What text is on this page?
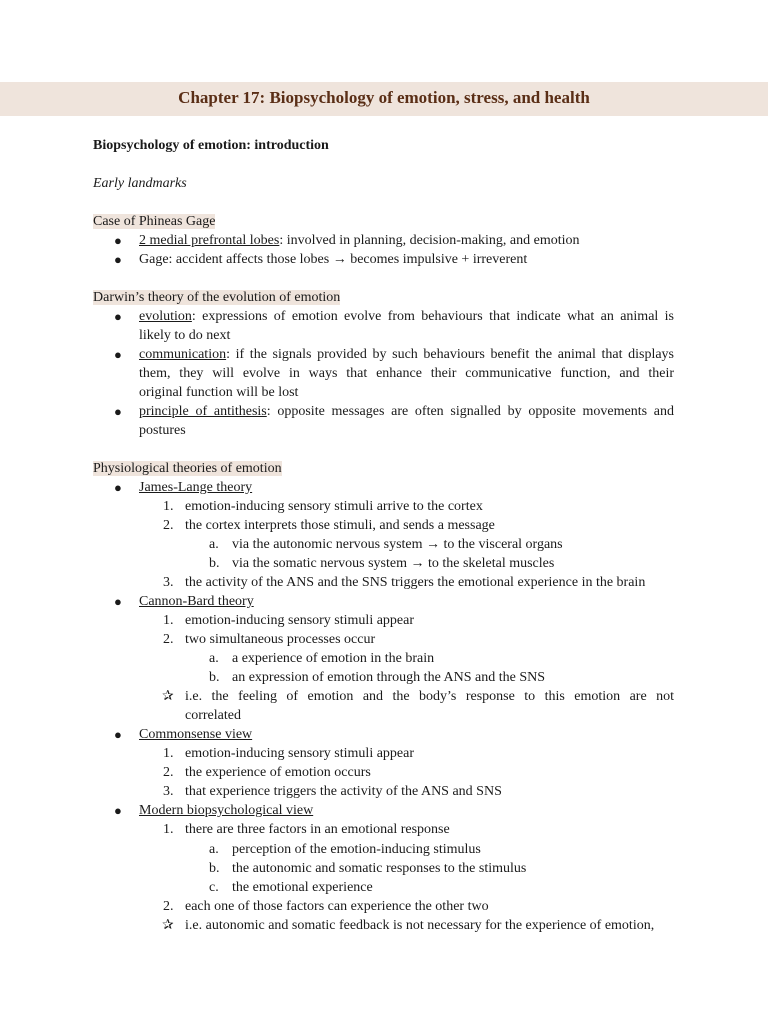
Chapter 17: Biopsychology of emotion, stress, and health
Biopsychology of emotion: introduction
Early landmarks
Case of Phineas Gage
● 2 medial prefrontal lobes: involved in planning, decision-making, and emotion
● Gage: accident affects those lobes → becomes impulsive + irreverent
Darwin’s theory of the evolution of emotion
● evolution: expressions of emotion evolve from behaviours that indicate what an animal is
likely to do next
● communication: if the signals provided by such behaviours benefit the animal that displays
them, they will evolve in ways that enhance their communicative function, and their
original function will be lost
● principle of antithesis: opposite messages are often signalled by opposite movements and
postures
Physiological theories of emotion
● James-Lange theory
1. emotion-inducing sensory stimuli arrive to the cortex
2. the cortex interprets those stimuli, and sends a message
a. via the autonomic nervous system → to the visceral organs
b. via the somatic nervous system → to the skeletal muscles
3. the activity of the ANS and the SNS triggers the emotional experience in the brain
● Cannon-Bard theory
1. emotion-inducing sensory stimuli appear
2. two simultaneous processes occur
a. a experience of emotion in the brain
b. an expression of emotion through the ANS and the SNS
✰ i.e. the feeling of emotion and the body’s response to this emotion are not
correlated
● Commonsense view
1. emotion-inducing sensory stimuli appear
2. the experience of emotion occurs
3. that experience triggers the activity of the ANS and SNS
● Modern biopsychological view
1. there are three factors in an emotional response
a. perception of the emotion-inducing stimulus
b. the autonomic and somatic responses to the stimulus
c. the emotional experience
2. each one of those factors can experience the other two
✰ i.e. autonomic and somatic feedback is not necessary for the experience of emotion,
